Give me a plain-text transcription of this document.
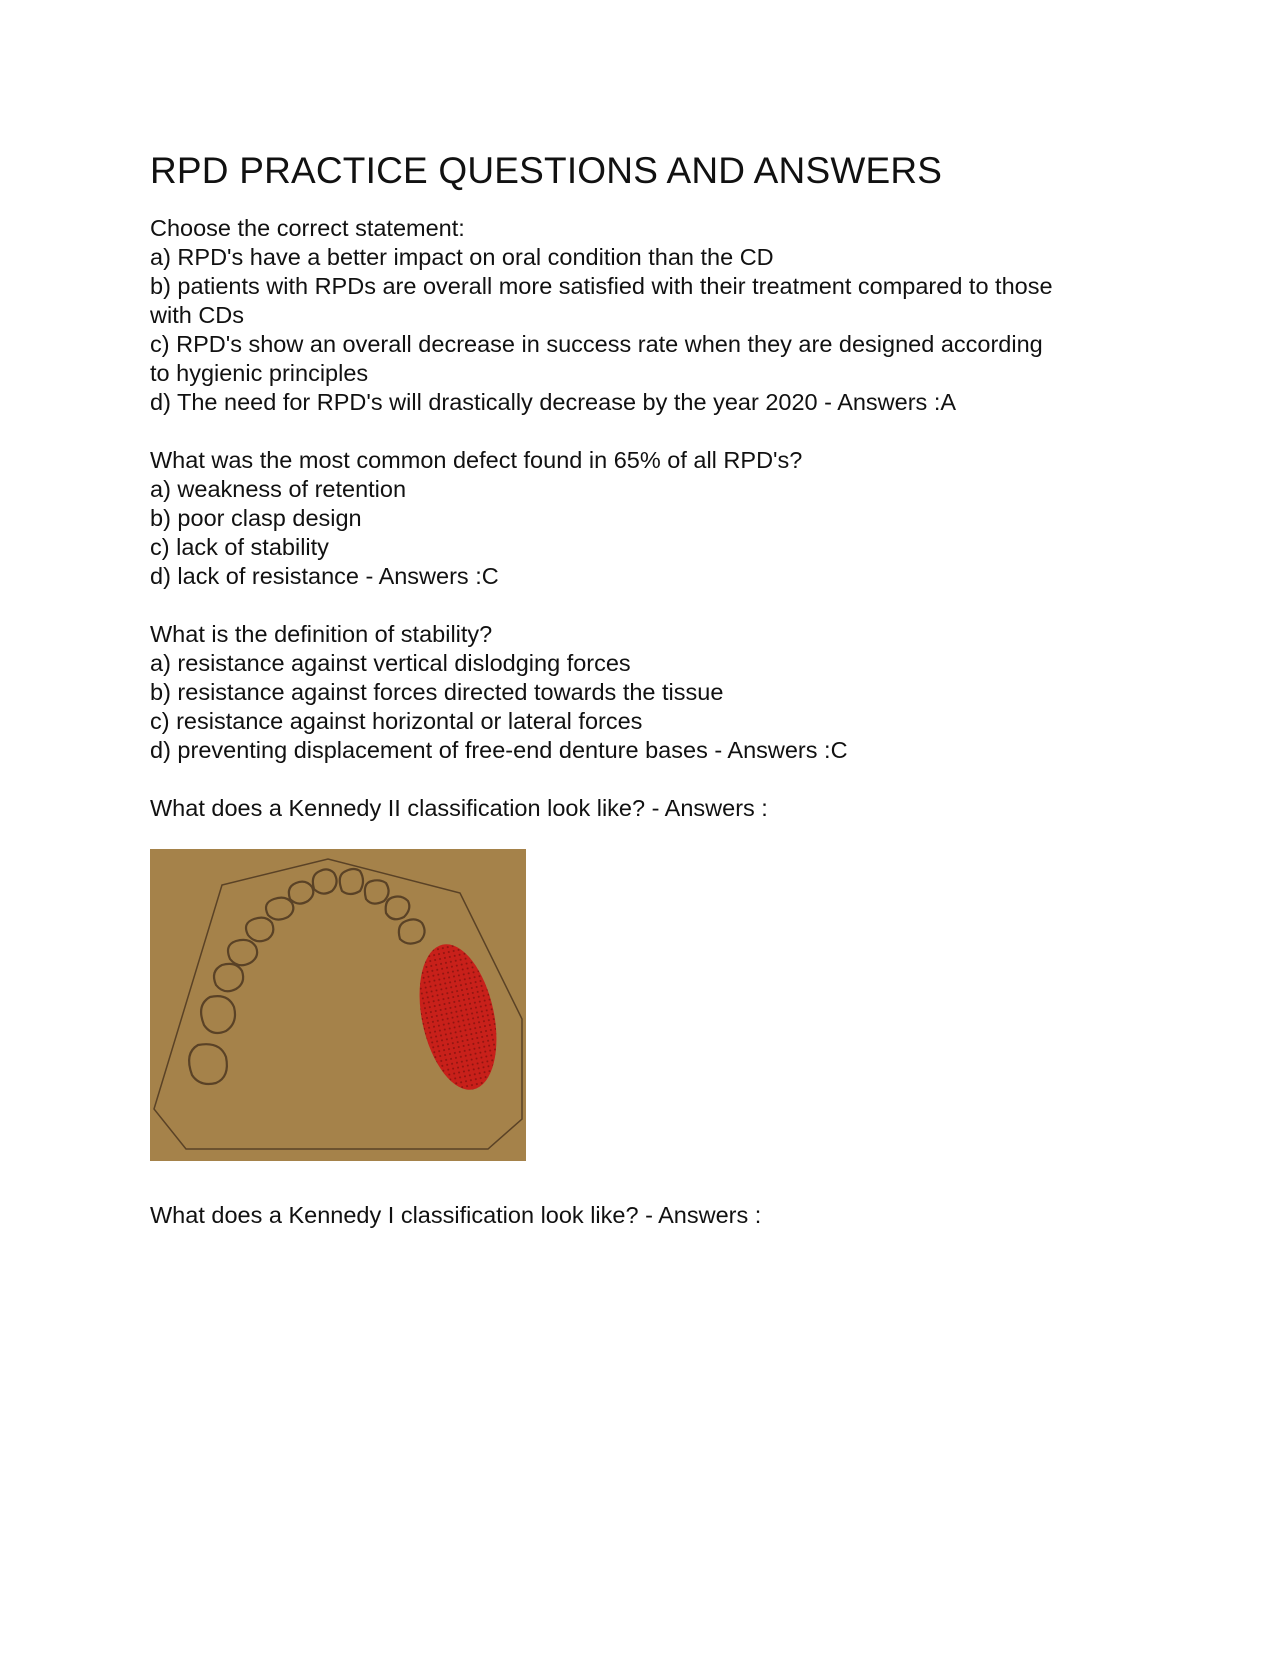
RPD PRACTICE QUESTIONS AND ANSWERS
Choose the correct statement:
a) RPD's have a better impact on oral condition than the CD
b) patients with RPDs are overall more satisfied with their treatment compared to those
with CDs
c) RPD's show an overall decrease in success rate when they are designed according
to hygienic principles
d) The need for RPD's will drastically decrease by the year 2020 - Answers :A
What was the most common defect found in 65% of all RPD's?
a) weakness of retention
b) poor clasp design
c) lack of stability
d) lack of resistance - Answers :C
What is the definition of stability?
a) resistance against vertical dislodging forces
b) resistance against forces directed towards the tissue
c) resistance against horizontal or lateral forces
d) preventing displacement of free-end denture bases - Answers :C
What does a Kennedy II classification look like? - Answers :
What does a Kennedy I classification look like? - Answers :
